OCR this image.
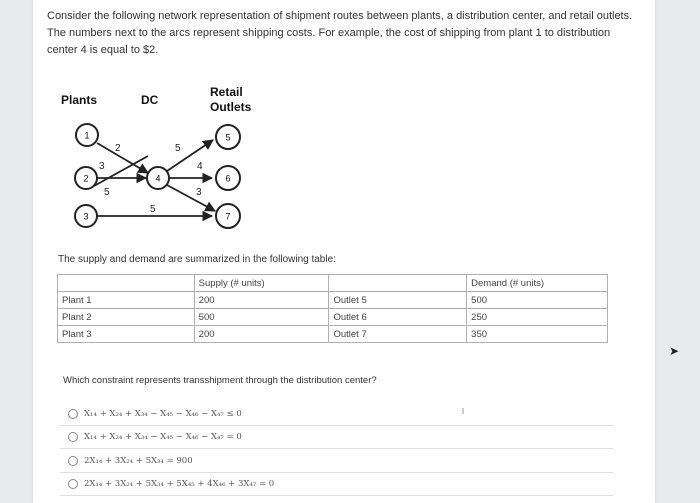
Consider the following network representation of shipment routes between plants, a distribution center, and retail outlets. The numbers next to the arcs represent shipping costs. For example, the cost of shipping from plant 1 to distribution center 4 is equal to $2.
Plants	DC
Retail
Outlets
2
3
5
5
5
4
3
1
2
3
4
5
6
7
The supply and demand are summarized in the following table:
	Supply (# units)		Demand (# units)
Plant 1	200	Outlet 5	500
Plant 2	500	Outlet 6	250
Plant 3	200	Outlet 7	350
➤
Which constraint represents transshipment through the distribution center?
X₁₄ + X₂₄ + X₃₄ − X₄₅ − X₄₆ − X₄₇ ≤ 0
X₁₄ + X₂₄ + X₃₄ − X₄₅ − X₄₆ − X₄₇ = 0
2X₁₄ + 3X₂₄ + 5X₃₄ = 900
2X₁₄ + 3X₂₄ + 5X₃₄ + 5X₄₅ + 4X₄₆ + 3X₄₇ = 0
